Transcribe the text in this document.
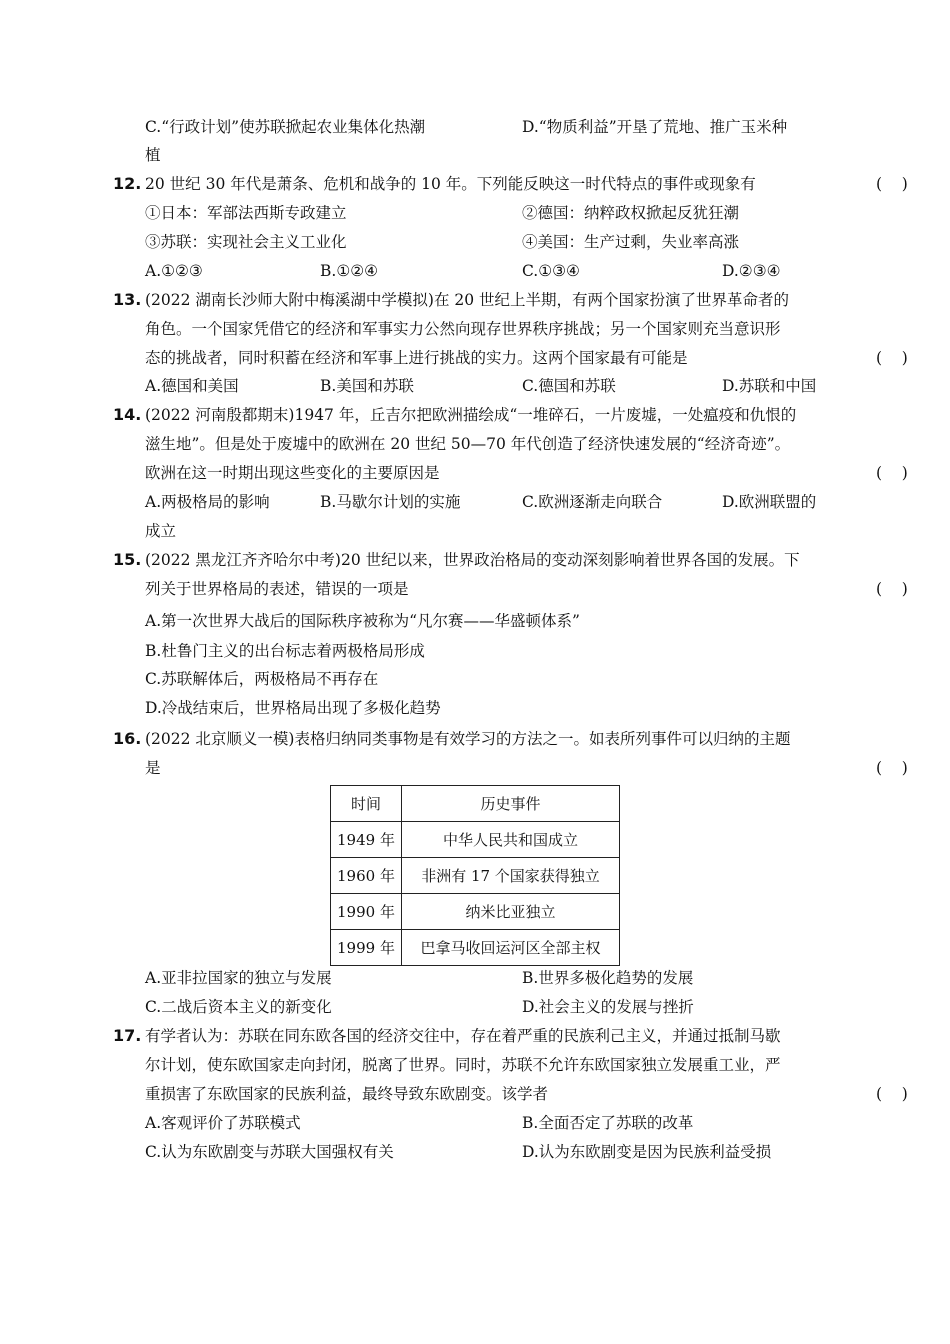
C.“行政计划”使苏联掀起农业集体化热潮	D.“物质利益”开垦了荒地、推广玉米种
植
12. 20 世纪 30 年代是萧条、危机和战争的 10 年。下列能反映这一时代特点的事件或现象有	(    )
①日本：军部法西斯专政建立	②德国：纳粹政权掀起反犹狂潮
③苏联：实现社会主义工业化	④美国：生产过剩，失业率高涨
A.①②③	B.①②④	C.①③④	D.②③④
13. (2022 湖南长沙师大附中梅溪湖中学模拟)在 20 世纪上半期，有两个国家扮演了世界革命者的
角色。一个国家凭借它的经济和军事实力公然向现存世界秩序挑战；另一个国家则充当意识形
态的挑战者，同时积蓄在经济和军事上进行挑战的实力。这两个国家最有可能是	(    )
A.德国和美国	B.美国和苏联	C.德国和苏联	D.苏联和中国
14. (2022 河南殷都期末)1947 年，丘吉尔把欧洲描绘成“一堆碎石，一片废墟，一处瘟疫和仇恨的
滋生地”。但是处于废墟中的欧洲在 20 世纪 50—70 年代创造了经济快速发展的“经济奇迹”。
欧洲在这一时期出现这些变化的主要原因是	(    )
A.两极格局的影响	B.马歇尔计划的实施	C.欧洲逐渐走向联合	D.欧洲联盟的
成立
15. (2022 黑龙江齐齐哈尔中考)20 世纪以来，世界政治格局的变动深刻影响着世界各国的发展。下
列关于世界格局的表述，错误的一项是	(    )
A.第一次世界大战后的国际秩序被称为“凡尔赛——华盛顿体系”
B.杜鲁门主义的出台标志着两极格局形成
C.苏联解体后，两极格局不再存在
D.冷战结束后，世界格局出现了多极化趋势
16. (2022 北京顺义一模)表格归纳同类事物是有效学习的方法之一。如表所列事件可以归纳的主题
是	(    )
时间	历史事件
1949 年	中华人民共和国成立
1960 年	非洲有 17 个国家获得独立
1990 年	纳米比亚独立
1999 年	巴拿马收回运河区全部主权
A.亚非拉国家的独立与发展	B.世界多极化趋势的发展
C.二战后资本主义的新变化	D.社会主义的发展与挫折
17. 有学者认为：苏联在同东欧各国的经济交往中，存在着严重的民族利己主义，并通过抵制马歇
尔计划，使东欧国家走向封闭，脱离了世界。同时，苏联不允许东欧国家独立发展重工业，严
重损害了东欧国家的民族利益，最终导致东欧剧变。该学者	(    )
A.客观评价了苏联模式	B.全面否定了苏联的改革
C.认为东欧剧变与苏联大国强权有关	D.认为东欧剧变是因为民族利益受损
